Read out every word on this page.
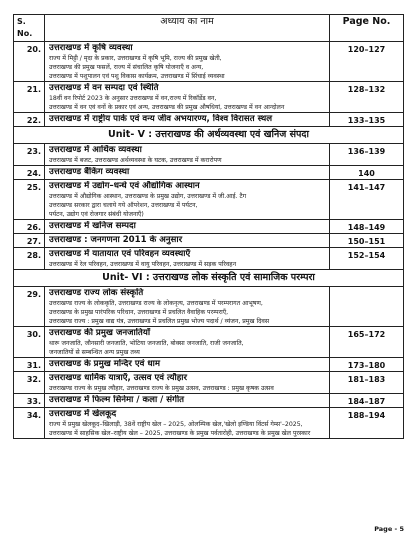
S. No.	अध्याय का नाम	Page No.
20.	उत्तराखण्ड में कृषि व्यवस्था
राज्य में मिट्टी / मृदा के प्रकार, उत्तराखण्ड में कृषि भूमि, राज्य की प्रमुख खेती,
उत्तराखण्ड की प्रमुख फसलें, राज्य में संचालित कृषि योजनाएँ व अन्य,
उत्तराखण्ड में पशुपालन एवं पशु विकास कार्यक्रम, उत्तराखण्ड में सिंचाई व्यवस्था	120–127
21.	उत्तराखण्ड में वन सम्पदा एवं स्थिति
18वीं वन रिपोर्ट 2023 के अनुसार उत्तराखण्ड में वन,राज्य में रिकॉर्डेड वन,
उत्तराखण्ड में वन एवं वनों के प्रकार एवं अन्य, उत्तराखण्ड की प्रमुख औषधियां, उत्तराखण्ड में वन आन्दोलन	128–132
22.	उत्तराखण्ड में राष्ट्रीय पार्क एवं वन्य जीव अभयारण्य, विश्व विरासत स्थल	133–135
Unit- V : उत्तराखण्ड की अर्थव्यवस्था एवं खनिज संपदा		
23.	उत्तराखण्ड में आर्थिक व्यवस्था
उत्तराखण्ड में बजट, उत्तराखण्ड अर्थव्यवस्था के घटक, उत्तराखण्ड में करारोपण	136–139
24.	उत्तराखण्ड बैंकिंग व्यवस्था	140
25.	उत्तराखण्ड में उद्योग–धन्धे एवं औद्योगिक आस्थान
उत्तराखण्ड में औद्योगिक आस्थान, उत्तराखण्ड के प्रमुख उद्योग, उत्तराखण्ड में जी.आई. टैग
उत्तराखण्ड सरकार द्वारा चलाये गये ऑपरेशन, उत्तराखण्ड में पर्यटन,
पर्यटन, उद्योग एवं रोजगार संबंधी योजनाएँ)	141–147
26.	उत्तराखण्ड में खनिज सम्पदा	148–149
27.	उत्तराखण्ड : जनगणना 2011 के अनुसार	150–151
28.	उत्तराखण्ड में यातायात एवं परिवहन व्यवस्थाएँ
उत्तराखण्ड में रेल परिवहन, उत्तराखण्ड में वायु परिवहन, उत्तराखण्ड में सड़क परिवहन	152–154
Unit- VI : उत्तराखण्ड लोक संस्कृति एवं सामाजिक परम्परा		
29.	उत्तराखण्ड राज्य लोक संस्कृति
उत्तराखण्ड राज्य के लोककृति, उत्तराखण्ड राज्य के लोकनृत्य, उत्तराखण्ड में परम्परागत आभूषण,
उत्तराखण्ड के प्रमुख पारंपरिक परिधान, उत्तराखण्ड में प्रचलित वैवाहिक परम्पराएँ,
उत्तराखण्ड राज्य : प्रमुख वाद्य यंत्र, उत्तराखण्ड में प्रचलित प्रमुख भोज्य पदार्थ / व्यंजन, प्रमुख दिवस	

30.	उत्तराखण्ड की प्रमुख जनजातियाँ
थारू जनजाति, जौनसारी जनजाति, भोटिया जनजाति, बोक्सा जनजाति, राजी जनजाति,
जनजातियों से सम्बन्धित अन्य प्रमुख तथ्य	165–172
31.	उत्तराखण्ड के प्रमुख मन्दिर एवं धाम	173–180
32.	उत्तराखण्ड धार्मिक यात्राएँ, उत्सव एवं त्यौहार
उत्तराखण्ड राज्य के प्रमुख त्यौहार, उत्तराखण्ड राज्य के प्रमुख उत्सव, उत्तराखण्ड : प्रमुख कृषक उत्सव	181–183
33.	उत्तराखण्ड में फिल्म सिनेमा / कला / संगीत	184–187
34.	उत्तराखण्ड में खेलकूद
राज्य में प्रमुख खेलकूद–खिलाड़ी, 38वें राष्ट्रीय खेल – 2025, ओलम्पिक खेल,'खेलो इण्डिया विंटर्स गेम्स'–2025,
उत्तराखण्ड में साहसिक खेल–राष्ट्रीय खेल – 2025, उत्तराखण्ड के प्रमुख पर्वतारोही, उत्तराखण्ड के प्रमुख खेल पुरस्कार	188–194
Page - 5
